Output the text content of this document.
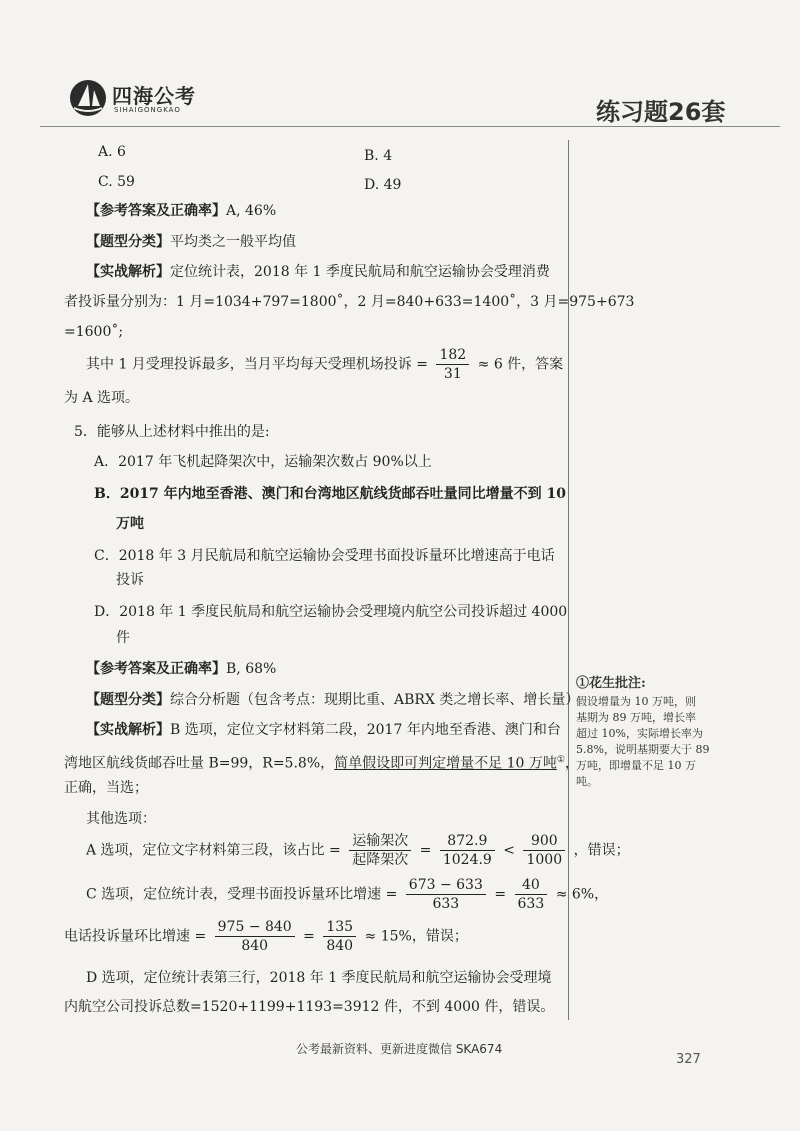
四海公考
SIHAIGONGKAO	练习题26套
A. 6	B. 4
C. 59	D. 49
【参考答案及正确率】A, 46%
【题型分类】平均类之一般平均值
【实战解析】定位统计表，2018 年 1 季度民航局和航空运输协会受理消费
者投诉量分别为：1 月=1034+797=1800˚，2 月=840+633=1400˚，3 月=975+673
=1600˚;
其中 1 月受理投诉最多，当月平均每天受理机场投诉 = $\frac{182}{31} \approx 6$ 件，答案
为 A 选项。
5．能够从上述材料中推出的是:
A．2017 年飞机起降架次中，运输架次数占 90%以上
B．2017 年内地至香港、澳门和台湾地区航线货邮吞吐量同比增量不到 10
万吨
C．2018 年 3 月民航局和航空运输协会受理书面投诉量环比增速高于电话
投诉
D．2018 年 1 季度民航局和航空运输协会受理境内航空公司投诉超过 4000
件
【参考答案及正确率】B, 68%
【题型分类】综合分析题（包含考点：现期比重、ABRX 类之增长率、增长量）
【实战解析】B 选项，定位文字材料第二段，2017 年内地至香港、澳门和台
湾地区航线货邮吞吐量 B=99，R=5.8%，简单假设即可判定增量不足 10 万吨①，
正确，当选；
其他选项：
A 选项，定位文字材料第三段，该占比 = $\frac{\text{运输架次}}{\text{起降架次}} = \frac{872.9}{1024.9} < \frac{900}{1000}$ ，错误；
C 选项，定位统计表，受理书面投诉量环比增速 = $\frac{673 - 633}{633} = \frac{40}{633} \approx 6\%$，
电话投诉量环比增速 = $\frac{975 - 840}{840} = \frac{135}{840} \approx 15\%$，错误；
D 选项，定位统计表第三行，2018 年 1 季度民航局和航空运输协会受理境
内航空公司投诉总数=1520+1199+1193=3912 件，不到 4000 件，错误。
①花生批注:
假设增量为 10 万吨，则
基期为 89 万吨，增长率
超过 10%，实际增长率为
5.8%，说明基期要大于 89
万吨，即增量不足 10 万
吨。
公考最新资料、更新进度微信 SKA674
327
